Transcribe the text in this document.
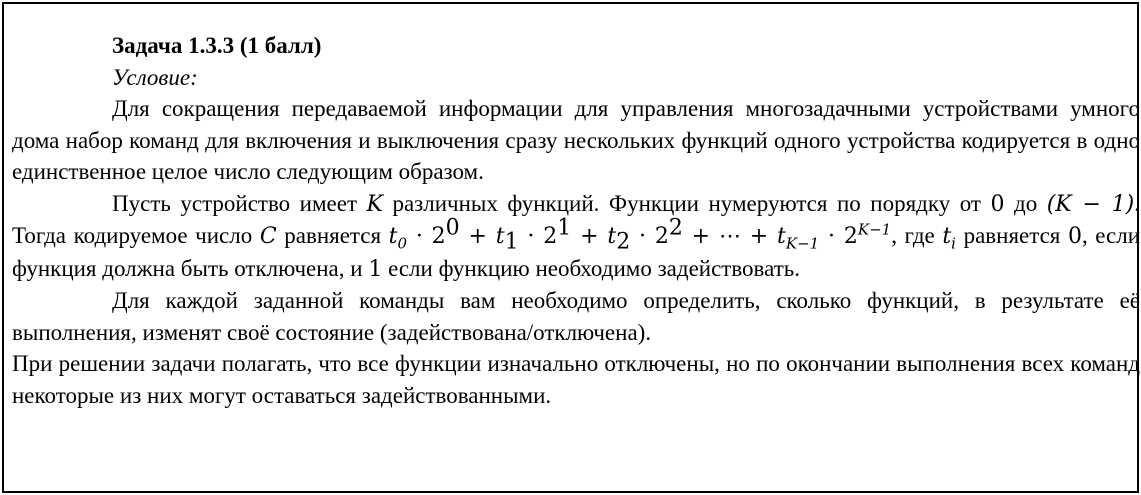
Задача 1.3.3 (1 балл)

Условие:

Для сокращения передаваемой информации для управления многозадачными устройствами умного дома набор команд для включения и выключения сразу нескольких функций одного устройства кодируется в одно единственное целое число следующим образом.

Пусть устройство имеет K различных функций. Функции нумеруются по порядку от 0 до (K − 1). Тогда кодируемое число C равняется $t_0 \cdot 2^0 + t_1 \cdot 2^1 + t_2 \cdot 2^2$ + ⋯ + $t_{K-1} \cdot 2^{K-1}$, где $t_i$ равняется 0, если функция должна быть отключена, и 1 если функцию необходимо задействовать.

Для каждой заданной команды вам необходимо определить, сколько функций, в результате её выполнения, изменят своё состояние (задействована/отключена).

При решении задачи полагать, что все функции изначально отключены, но по окончании выполнения всех команд некоторые из них могут оставаться задействованными.
